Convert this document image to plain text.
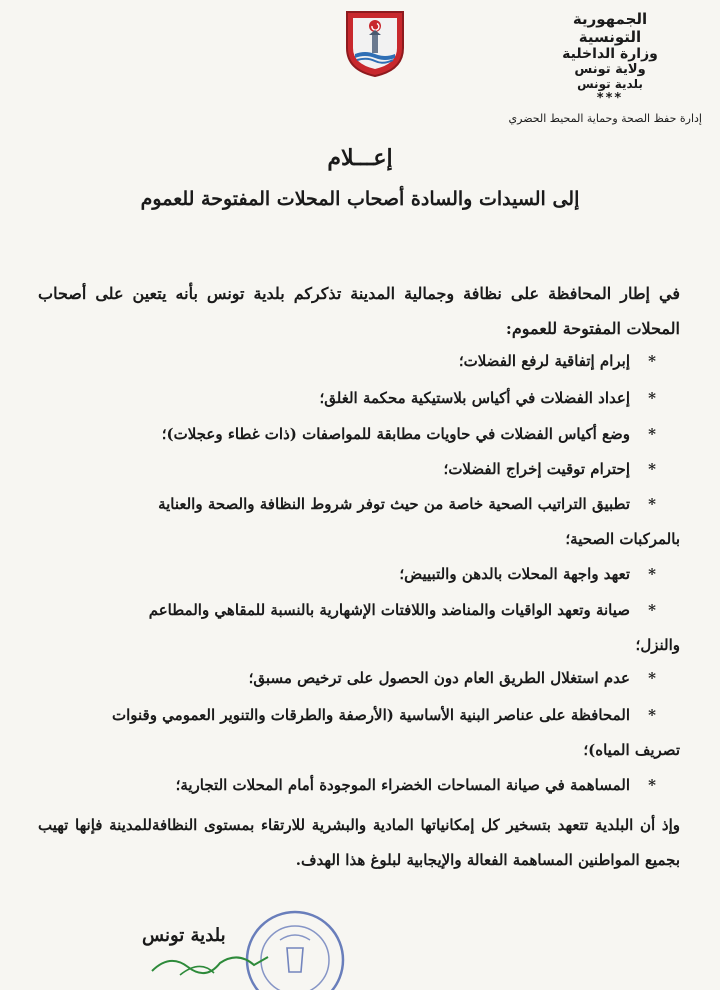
الجمهورية التونسية
وزارة الداخلية
ولاية تونس
بلدية تونس
***
إدارة حفظ الصحة وحماية المحيط الحضري
إعـــلام
إلى السيدات والسادة أصحاب المحلات المفتوحة للعموم
في إطار المحافظة على نظافة وجمالية المدينة تذكركم بلدية تونس بأنه يتعين على أصحاب المحلات المفتوحة للعموم:
*
إبرام إتفاقية لرفع الفضلات؛
*
إعداد الفضلات في أكياس بلاستيكية محكمة الغلق؛
*
وضع أكياس الفضلات في حاويات مطابقة للمواصفات (ذات غطاء وعجلات)؛
*
إحترام توقيت إخراج الفضلات؛
*
تطبيق التراتيب الصحية خاصة من حيث توفر شروط النظافة والصحة والعناية
بالمركبات الصحية؛
*
تعهد واجهة المحلات بالدهن والتبييض؛
*
صيانة وتعهد الواقيات والمناضد واللافتات الإشهارية بالنسبة للمقاهي والمطاعم
والنزل؛
*
عدم استغلال الطريق العام دون الحصول على ترخيص مسبق؛
*
المحافظة على عناصر البنية الأساسية (الأرصفة والطرقات والتنوير العمومي وقنوات
تصريف المياه)؛
*
المساهمة في صيانة المساحات الخضراء الموجودة أمام المحلات التجارية؛
وإذ أن البلدية تتعهد بتسخير كل إمكانياتها المادية والبشرية للارتقاء بمستوى النظافةللمدينة فإنها تهيب بجميع المواطنين المساهمة الفعالة والإيجابية لبلوغ هذا الهدف.
بلدية تونس
